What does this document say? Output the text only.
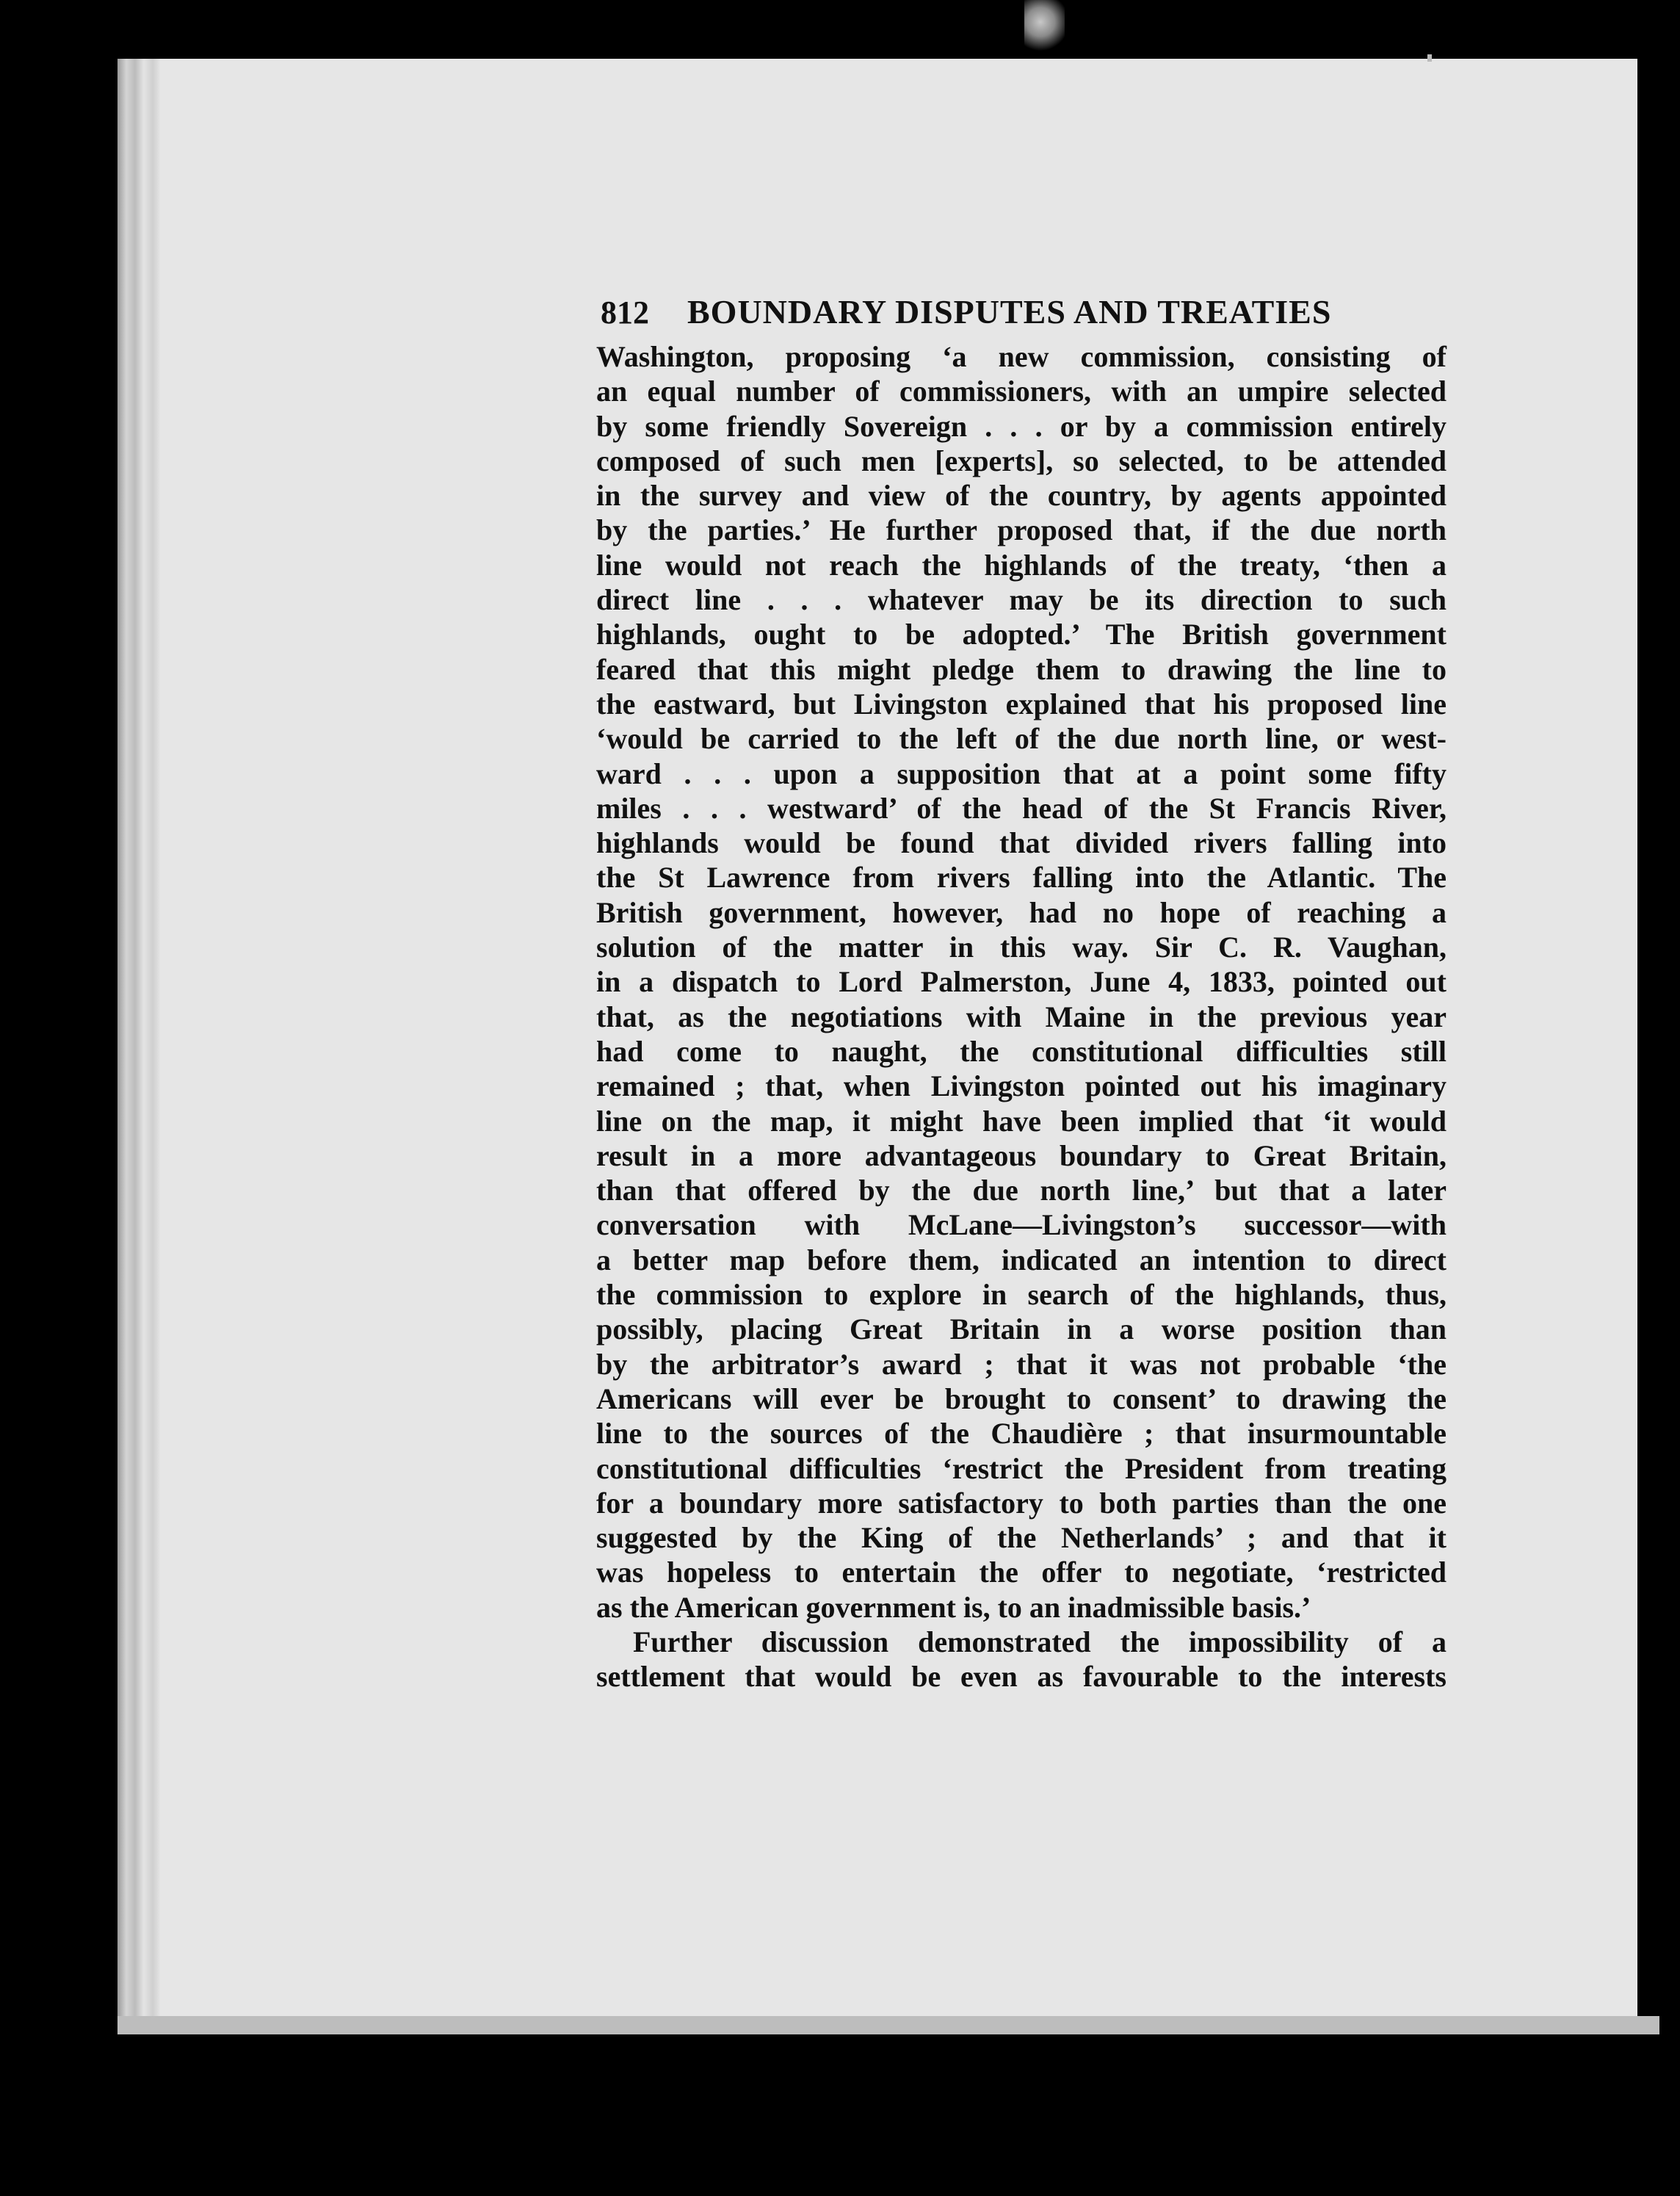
812	BOUNDARY DISPUTES AND TREATIES
Washington, proposing ‘a new commission, consisting of
an equal number of commissioners, with an umpire selected
by some friendly Sovereign . . . or by a commission entirely
composed of such men [experts], so selected, to be attended
in the survey and view of the country, by agents appointed
by the parties.’ He further proposed that, if the due north
line would not reach the highlands of the treaty, ‘then a
direct line . . . whatever may be its direction to such
highlands, ought to be adopted.’ The British government
feared that this might pledge them to drawing the line to
the eastward, but Livingston explained that his proposed line
‘would be carried to the left of the due north line, or west-
ward . . . upon a supposition that at a point some fifty
miles . . . westward’ of the head of the St Francis River,
highlands would be found that divided rivers falling into
the St Lawrence from rivers falling into the Atlantic. The
British government, however, had no hope of reaching a
solution of the matter in this way. Sir C. R. Vaughan,
in a dispatch to Lord Palmerston, June 4, 1833, pointed out
that, as the negotiations with Maine in the previous year
had come to naught, the constitutional difficulties still
remained ; that, when Livingston pointed out his imaginary
line on the map, it might have been implied that ‘it would
result in a more advantageous boundary to Great Britain,
than that offered by the due north line,’ but that a later
conversation with McLane—Livingston’s successor—with
a better map before them, indicated an intention to direct
the commission to explore in search of the highlands, thus,
possibly, placing Great Britain in a worse position than
by the arbitrator’s award ; that it was not probable ‘the
Americans will ever be brought to consent’ to drawing the
line to the sources of the Chaudière ; that insurmountable
constitutional difficulties ‘restrict the President from treating
for a boundary more satisfactory to both parties than the one
suggested by the King of the Netherlands’ ; and that it
was hopeless to entertain the offer to negotiate, ‘restricted
as the American government is, to an inadmissible basis.’
Further discussion demonstrated the impossibility of a
settlement that would be even as favourable to the interests
